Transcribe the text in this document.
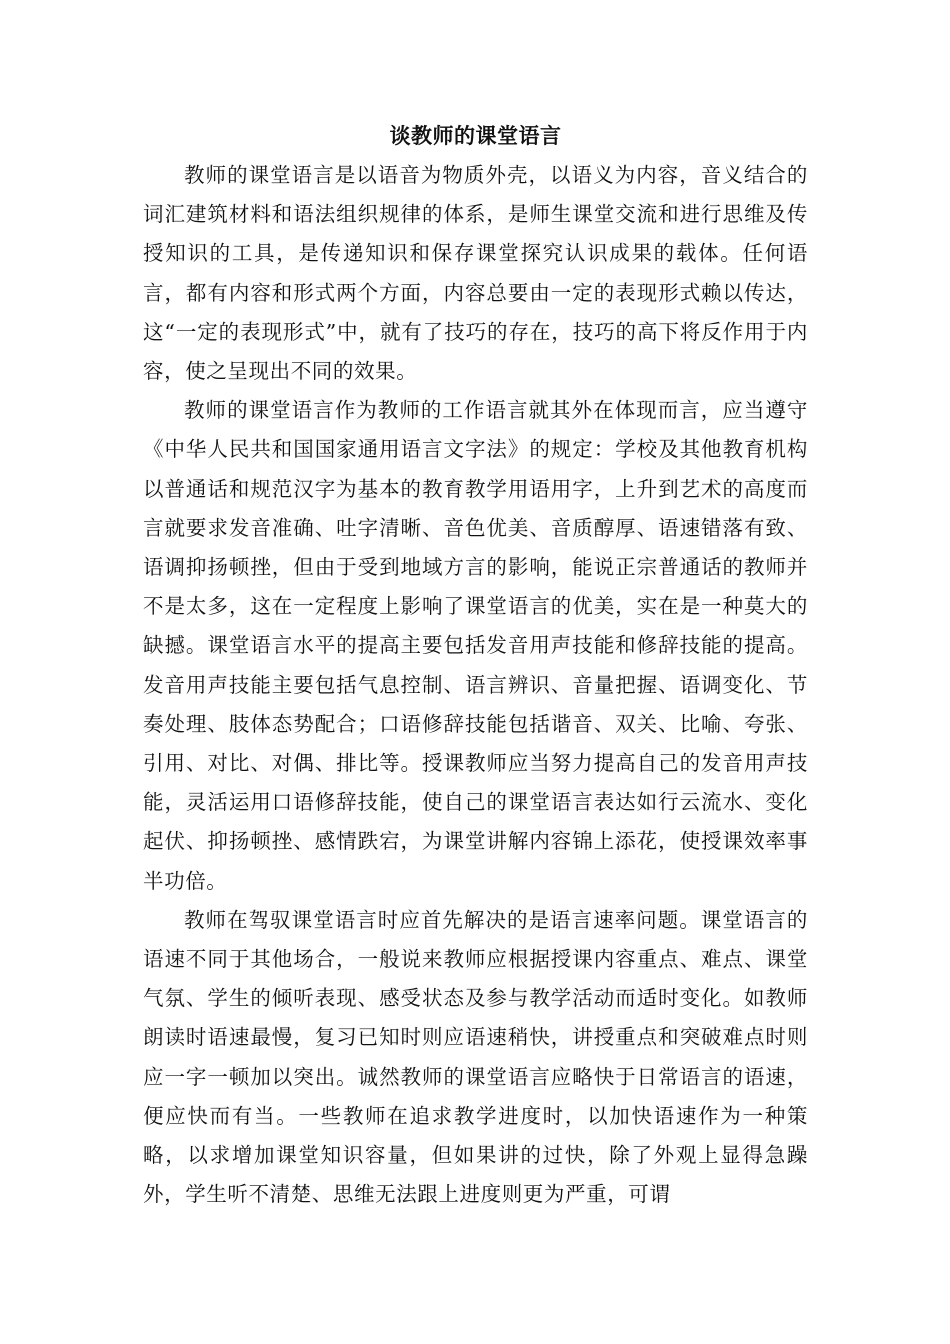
谈教师的课堂语言

教师的课堂语言是以语音为物质外壳，以语义为内容，音义结合的词汇建筑材料和语法组织规律的体系，是师生课堂交流和进行思维及传授知识的工具，是传递知识和保存课堂探究认识成果的载体。任何语言，都有内容和形式两个方面，内容总要由一定的表现形式赖以传达，这“一定的表现形式”中，就有了技巧的存在，技巧的高下将反作用于内容，使之呈现出不同的效果。

教师的课堂语言作为教师的工作语言就其外在体现而言，应当遵守《中华人民共和国国家通用语言文字法》的规定：学校及其他教育机构以普通话和规范汉字为基本的教育教学用语用字，上升到艺术的高度而言就要求发音准确、吐字清晰、音色优美、音质醇厚、语速错落有致、语调抑扬顿挫，但由于受到地域方言的影响，能说正宗普通话的教师并不是太多，这在一定程度上影响了课堂语言的优美，实在是一种莫大的缺撼。课堂语言水平的提高主要包括发音用声技能和修辞技能的提高。发音用声技能主要包括气息控制、语言辨识、音量把握、语调变化、节奏处理、肢体态势配合；口语修辞技能包括谐音、双关、比喻、夸张、引用、对比、对偶、排比等。授课教师应当努力提高自己的发音用声技能，灵活运用口语修辞技能，使自己的课堂语言表达如行云流水、变化起伏、抑扬顿挫、感情跌宕，为课堂讲解内容锦上添花，使授课效率事半功倍。

教师在驾驭课堂语言时应首先解决的是语言速率问题。课堂语言的语速不同于其他场合，一般说来教师应根据授课内容重点、难点、课堂气氛、学生的倾听表现、感受状态及参与教学活动而适时变化。如教师朗读时语速最慢，复习已知时则应语速稍快，讲授重点和突破难点时则应一字一顿加以突出。诚然教师的课堂语言应略快于日常语言的语速，便应快而有当。一些教师在追求教学进度时，以加快语速作为一种策略，以求增加课堂知识容量，但如果讲的过快，除了外观上显得急躁外，学生听不清楚、思维无法跟上进度则更为严重，可谓
